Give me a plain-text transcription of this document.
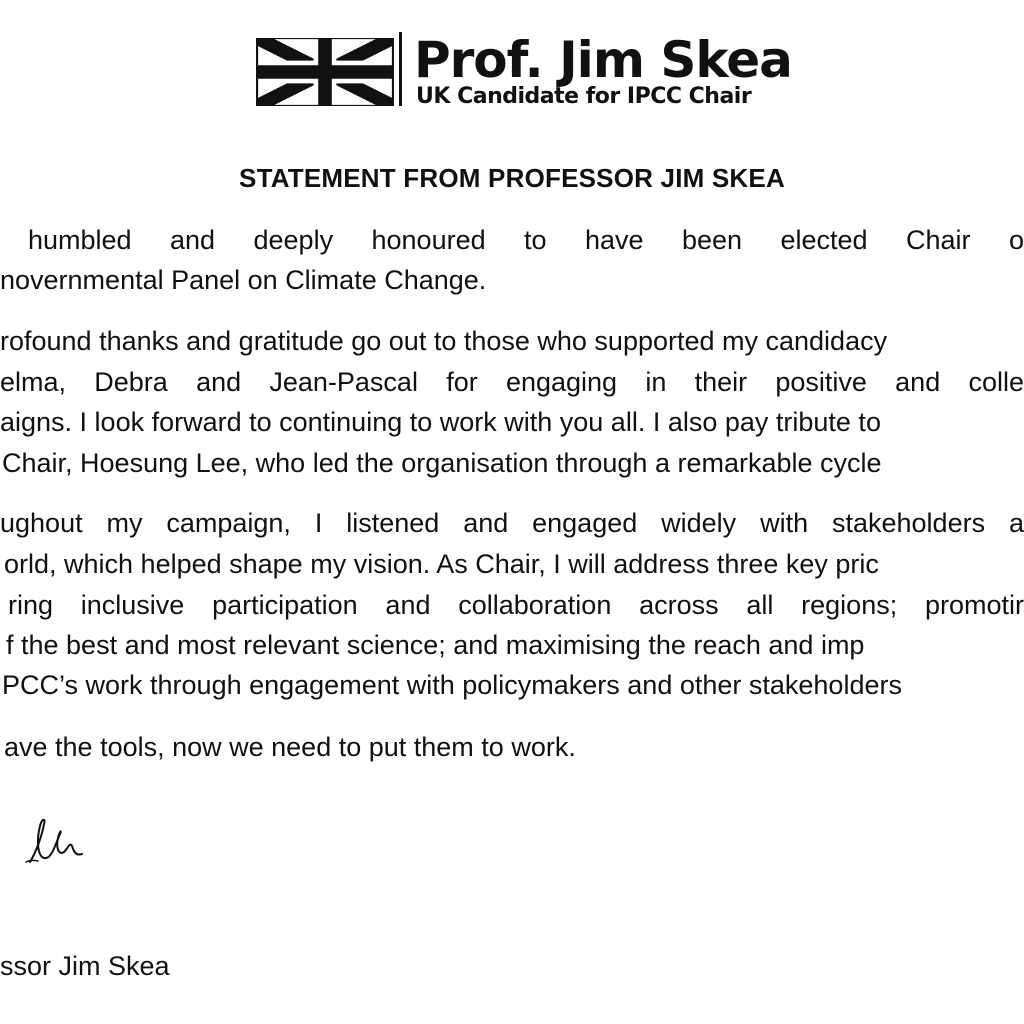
Prof. Jim Skea
UK Candidate for IPCC Chair
STATEMENT FROM PROFESSOR JIM SKEA
humbled and deeply honoured to have been elected Chair o
novernmental Panel on Climate Change.
rofound thanks and gratitude go out to those who supported my candidacy
elma, Debra and Jean-Pascal for engaging in their positive and colle
aigns. I look forward to continuing to work with you all. I also pay tribute to
Chair, Hoesung Lee, who led the organisation through a remarkable cycle
ughout my campaign, I listened and engaged widely with stakeholders a
orld, which helped shape my vision. As Chair, I will address three key pric
ring inclusive participation and collaboration across all regions; promotir
f the best and most relevant science; and maximising the reach and imp
PCC’s work through engagement with policymakers and other stakeholders
ave the tools, now we need to put them to work.
ssor Jim Skea
